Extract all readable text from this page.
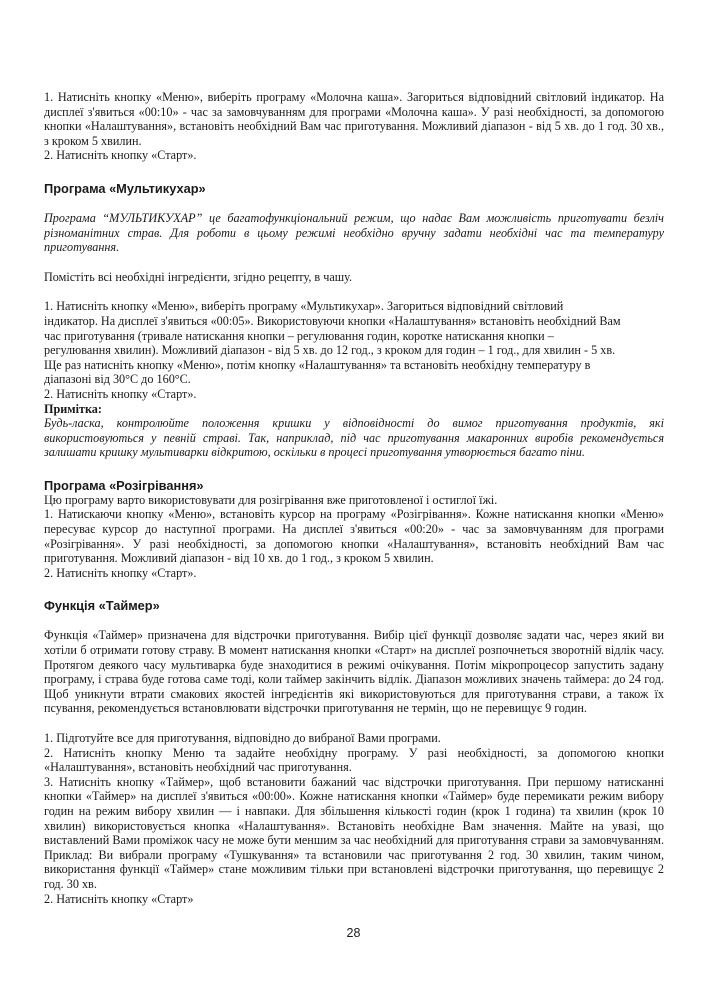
1. Натисніть кнопку «Меню», виберіть програму «Молочна каша». Загориться відповідний світловий індикатор. На дисплеї з'явиться «00:10» - час за замовчуванням для програми «Молочна каша». У разі необхідності, за допомогою кнопки «Налаштування», встановіть необхідний Вам час приготування. Можливий діапазон - від 5 хв. до 1 год. 30 хв., з кроком 5 хвилин.

2. Натисніть кнопку «Старт».

Програма «Мультикухар»

Програма “МУЛЬТИКУХАР” це багатофункціональний режим, що надає Вам можливість приготувати безліч різноманітних страв. Для роботи в цьому режимі необхідно вручну задати необхідні час та температуру приготування.

Помістіть всі необхідні інгредієнти, згідно рецепту, в чашу.

1. Натисніть кнопку «Меню», виберіть програму «Мультикухар». Загориться відповідний світловий

індикатор. На дисплеї з'явиться «00:05». Використовуючи кнопки «Налаштування» встановіть необхідний Вам

час приготування (тривале натискання кнопки – регулювання годин, коротке натискання кнопки –

регулювання хвилин). Можливий діапазон - від 5 хв. до 12 год., з кроком для годин – 1 год., для хвилин - 5 хв.

Ще раз натисніть кнопку «Меню», потім кнопку «Налаштування» та встановіть необхідну температуру в

діапазоні від 30°С до 160°С.

2. Натисніть кнопку «Старт».

Примітка:

Будь-ласка, контролюйте положення кришки у відповідності до вимог приготування продуктів, які використовуються у певній страві. Так, наприклад, під час приготування макаронних виробів рекомендується залишати кришку мультиварки відкритою, оскільки в процесі приготування утворюється багато піни.

Програма «Розігрівання»

Цю програму варто використовувати для розігрівання вже приготовленої і остиглої їжі.

1. Натискаючи кнопку «Меню», встановіть курсор на програму «Розігрівання». Кожне натискання кнопки «Меню» пересуває курсор до наступної програми. На дисплеї з'явиться «00:20» - час за замовчуванням для програми «Розігрівання». У разі необхідності, за допомогою кнопки «Налаштування», встановіть необхідний Вам час приготування. Можливий діапазон - від 10 хв. до 1 год., з кроком 5 хвилин.

2. Натисніть кнопку «Старт».

Функція «Таймер»

Функція «Таймер» призначена для відстрочки приготування. Вибір цієї функції дозволяє задати час, через який ви хотіли б отримати готову страву. В момент натискання кнопки «Старт» на дисплеї розпочнеться зворотній відлік часу. Протягом деякого часу мультиварка буде знаходитися в режимі очікування. Потім мікропроцесор запустить задану програму, і страва буде готова саме тоді, коли таймер закінчить відлік. Діапазон можливих значень таймера: до 24 год. Щоб уникнути втрати смакових якостей інгредієнтів які використовуються для приготування страви, а також їх псування, рекомендується встановлювати відстрочки приготування не термін, що не перевищує 9 годин.

1. Підготуйте все для приготування, відповідно до вибраної Вами програми.

2. Натисніть кнопку Меню та задайте необхідну програму. У разі необхідності, за допомогою кнопки «Налаштування», встановіть необхідний час приготування.

3. Натисніть кнопку «Таймер», щоб встановити бажаний час відстрочки приготування. При першому натисканні кнопки «Таймер» на дисплеї з'явиться «00:00». Кожне натискання кнопки «Таймер» буде перемикати режим вибору годин на режим вибору хвилин — і навпаки. Для збільшення кількості годин (крок 1 година) та хвилин (крок 10 хвилин) використовується кнопка «Налаштування». Встановіть необхідне Вам значення. Майте на увазі, що виставлений Вами проміжок часу не може бути меншим за час необхідний для приготування страви за замовчуванням. Приклад: Ви вибрали програму «Тушкування» та встановили час приготування 2 год. 30 хвилин, таким чином, використання функції «Таймер» стане можливим тільки при встановлені відстрочки приготування, що перевищує 2 год. 30 хв.

2. Натисніть кнопку «Старт»

28
